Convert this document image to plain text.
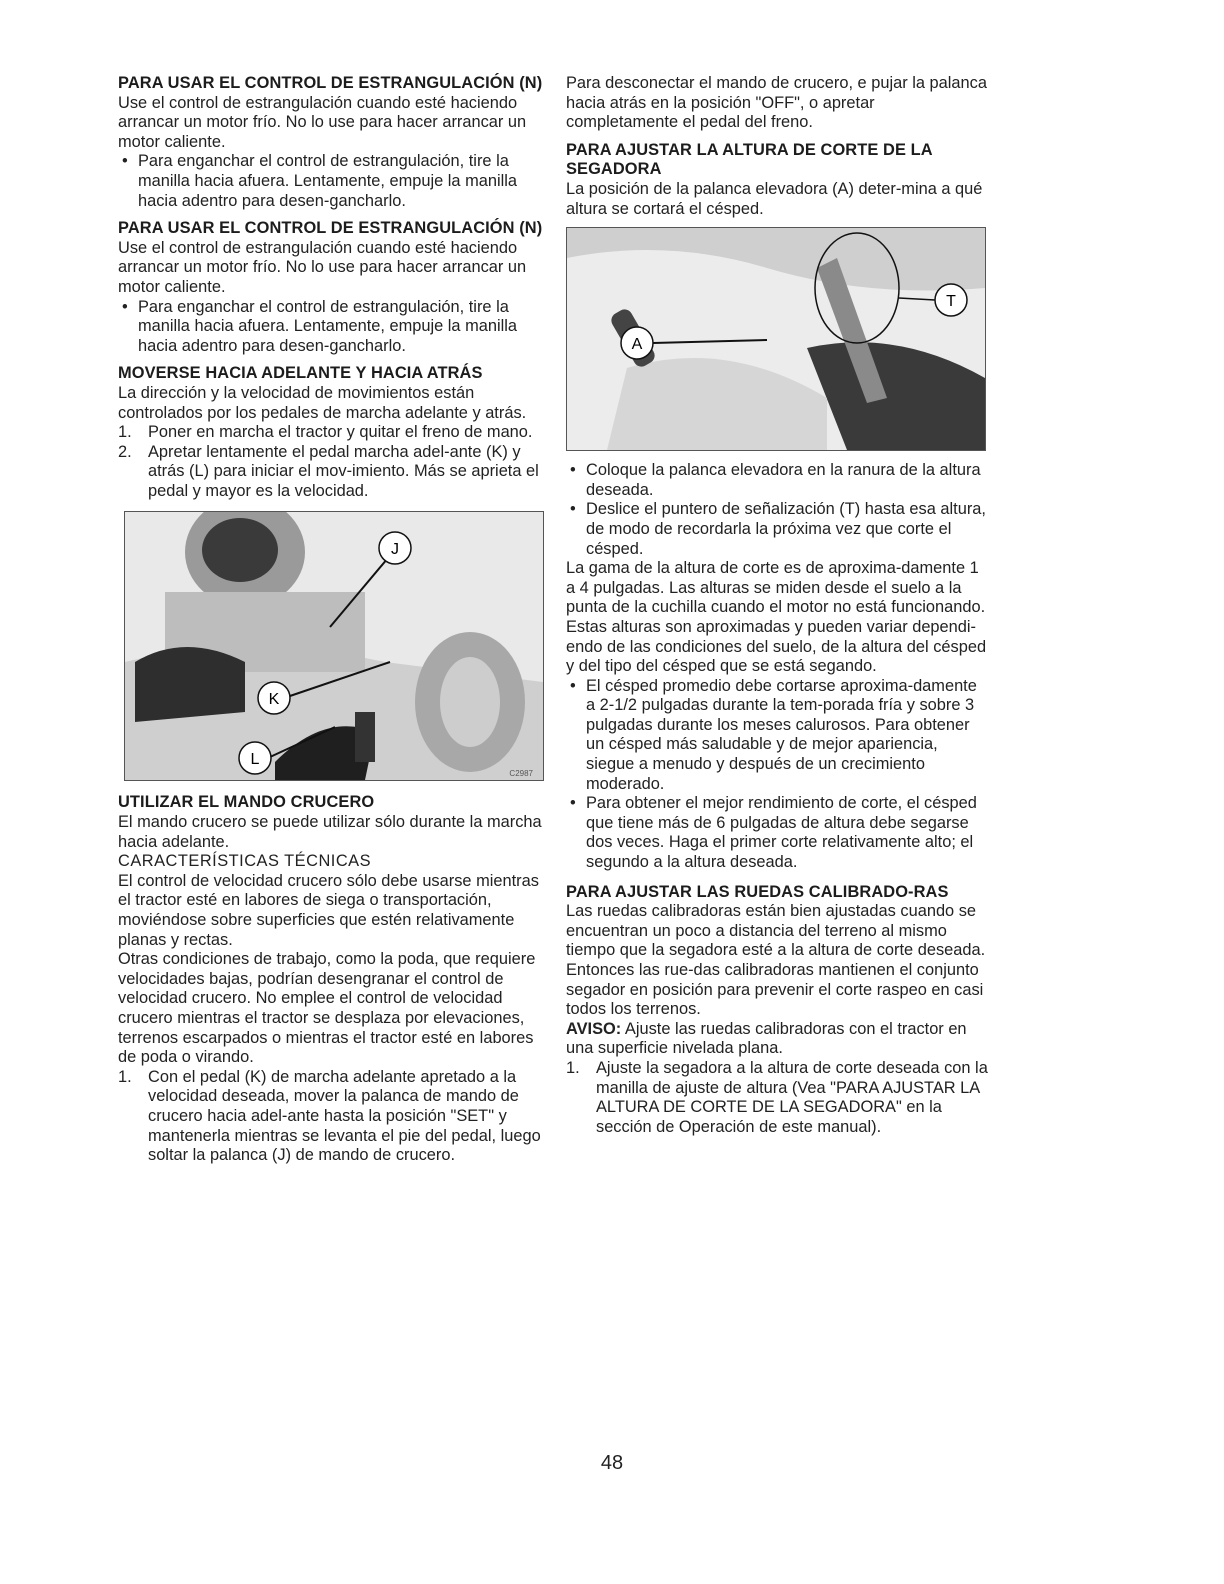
PARA USAR EL CONTROL DE ESTRANGULACIÓN (N)

Use el control de estrangulación cuando esté haciendo arrancar un motor frío. No lo use para hacer arrancar un motor caliente.

• Para enganchar el control de estrangulación, tire la manilla hacia afuera. Lentamente, empuje la manilla hacia adentro para desen-gancharlo.
PARA USAR EL CONTROL DE ESTRANGULACIÓN (N)

Use el control de estrangulación cuando esté haciendo arrancar un motor frío. No lo use para hacer arrancar un motor caliente.

• Para enganchar el control de estrangulación, tire la manilla hacia afuera. Lentamente, empuje la manilla hacia adentro para desen-gancharlo.
MOVERSE HACIA ADELANTE Y HACIA ATRÁS

La dirección y la velocidad de movimientos están controlados por los pedales de marcha adelante y atrás.

1. Poner en marcha el tractor y quitar el freno de mano.
2. Apretar lentamente el pedal marcha adel-ante (K) y atrás (L) para iniciar el mov-imiento. Más se aprieta el pedal y mayor es la velocidad.
J
K
L
C2987
UTILIZAR EL MANDO CRUCERO

El mando crucero se puede utilizar sólo durante la marcha hacia adelante.

CARACTERÍSTICAS TÉCNICAS

El control de velocidad crucero sólo debe usarse mientras el tractor esté en labores de siega o transportación, moviéndose sobre superficies que estén relativamente planas y rectas.

Otras condiciones de trabajo, como la poda, que requiere velocidades bajas, podrían desengranar el control de velocidad crucero. No emplee el control de velocidad crucero mientras el tractor se desplaza por elevaciones, terrenos escarpados o mientras el tractor esté en labores de poda o virando.

1. Con el pedal (K) de marcha adelante apretado a la velocidad deseada, mover la palanca de mando de crucero hacia adel-ante hasta la posición "SET" y mantenerla mientras se levanta el pie del pedal, luego soltar la palanca (J) de mando de crucero.

Para desconectar el mando de crucero, e pujar la palanca hacia atrás en la posición "OFF", o apretar completamente el pedal del freno.

PARA AJUSTAR LA ALTURA DE CORTE DE LA SEGADORA

La posición de la palanca elevadora (A) deter-mina a qué altura se cortará el césped.

T
A
• Coloque la palanca elevadora en la ranura de la altura deseada.
• Deslice el puntero de señalización (T) hasta esa altura, de modo de recordarla la próxima vez que corte el césped.

La gama de la altura de corte es de aproxima-damente 1 a 4 pulgadas. Las alturas se miden desde el suelo a la punta de la cuchilla cuando el motor no está funcionando. Estas alturas son aproximadas y pueden variar dependi-endo de las condiciones del suelo, de la altura del césped y del tipo del césped que se está segando.

• El césped promedio debe cortarse aproxima-damente a 2-1/2 pulgadas durante la tem-porada fría y sobre 3 pulgadas durante los meses calurosos. Para obtener un césped más saludable y de mejor apariencia, siegue a menudo y después de un crecimiento moderado.
• Para obtener el mejor rendimiento de corte, el césped que tiene más de 6 pulgadas de altura debe segarse dos veces. Haga el primer corte relativamente alto; el segundo a la altura deseada.
PARA AJUSTAR LAS RUEDAS CALIBRADO-RAS

Las ruedas calibradoras están bien ajustadas cuando se encuentran un poco a distancia del terreno al mismo tiempo que la segadora esté a la altura de corte deseada. Entonces las rue-das calibradoras mantienen el conjunto segador en posición para prevenir el corte raspeo en casi todos los terrenos.

AVISO: Ajuste las ruedas calibradoras con el tractor en una superficie nivelada plana.

1. Ajuste la segadora a la altura de corte deseada con la manilla de ajuste de altura (Vea "PARA AJUSTAR LA ALTURA DE CORTE DE LA SEGADORA" en la sección de Operación de este manual).
48
